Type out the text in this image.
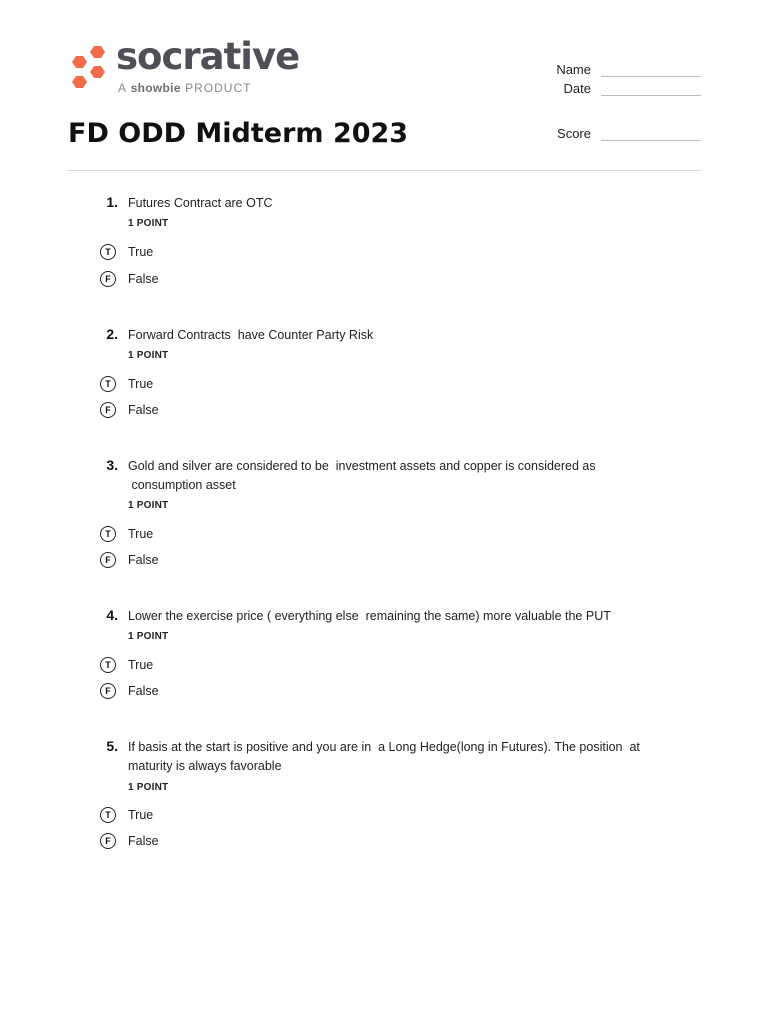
socrative
A showbie PRODUCT
Name
Date
Score
FD ODD Midterm 2023
1. Futures Contract are OTC
1 POINT
T	True
F	False
2. Forward Contracts  have Counter Party Risk
1 POINT
T	True
F	False
3. Gold and silver are considered to be  investment assets and copper is considered as
consumption asset
1 POINT
T	True
F	False
4. Lower the exercise price ( everything else  remaining the same) more valuable the PUT
1 POINT
T	True
F	False
5. If basis at the start is positive and you are in  a Long Hedge(long in Futures). The position  at
maturity is always favorable
1 POINT
T	True
F	False
